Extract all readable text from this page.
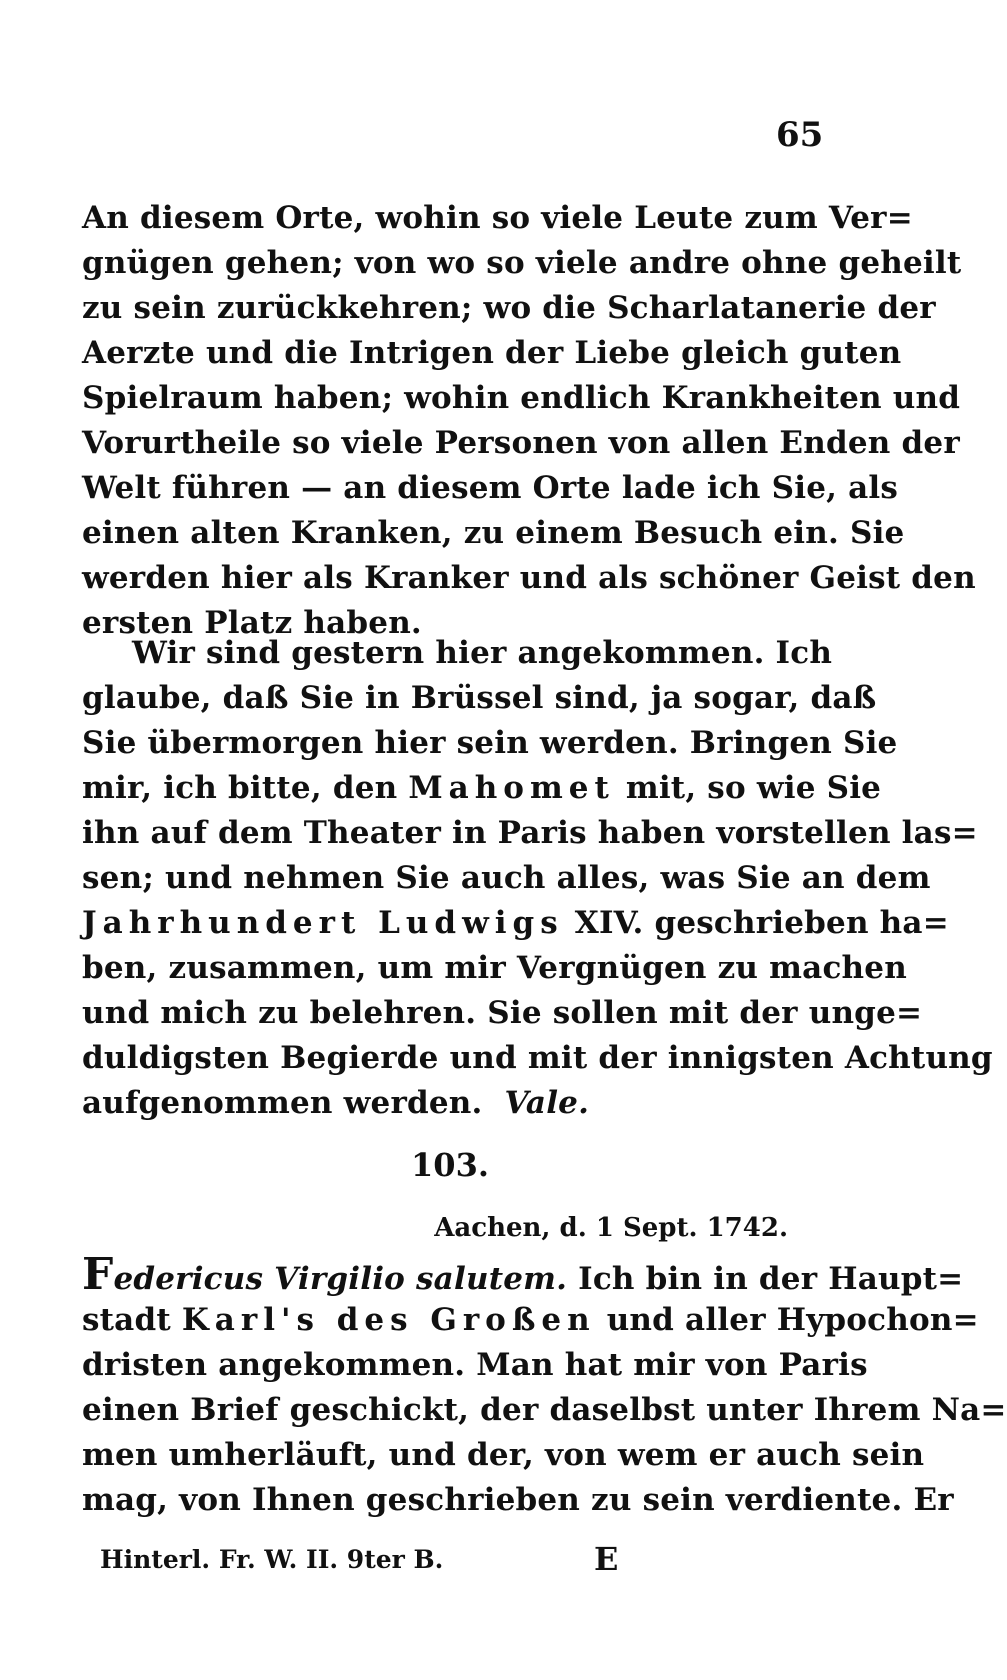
65
An diesem Orte, wohin so viele Leute zum Ver=
gnügen gehen; von wo so viele andre ohne geheilt
zu sein zurückkehren; wo die Scharlatanerie der
Aerzte und die Intrigen der Liebe gleich guten
Spielraum haben; wohin endlich Krankheiten und
Vorurtheile so viele Personen von allen Enden der
Welt führen — an diesem Orte lade ich Sie, als
einen alten Kranken, zu einem Besuch ein. Sie
werden hier als Kranker und als schöner Geist den
ersten Platz haben.
Wir sind gestern hier angekommen. Ich
glaube, daß Sie in Brüssel sind, ja sogar, daß
Sie übermorgen hier sein werden. Bringen Sie
mir, ich bitte, den Mahomet mit, so wie Sie
ihn auf dem Theater in Paris haben vorstellen las=
sen; und nehmen Sie auch alles, was Sie an dem
Jahrhundert Ludwigs XIV. geschrieben ha=
ben, zusammen, um mir Vergnügen zu machen
und mich zu belehren. Sie sollen mit der unge=
duldigsten Begierde und mit der innigsten Achtung
aufgenommen werden. Vale.
103.
Aachen, d. 1 Sept. 1742.
Federicus Virgilio salutem. Ich bin in der Haupt=
stadt Karl's des Großen und aller Hypochon=
dristen angekommen. Man hat mir von Paris
einen Brief geschickt, der daselbst unter Ihrem Na=
men umherläuft, und der, von wem er auch sein
mag, von Ihnen geschrieben zu sein verdiente. Er
Hinterl. Fr. W. II. 9ter B.	E
